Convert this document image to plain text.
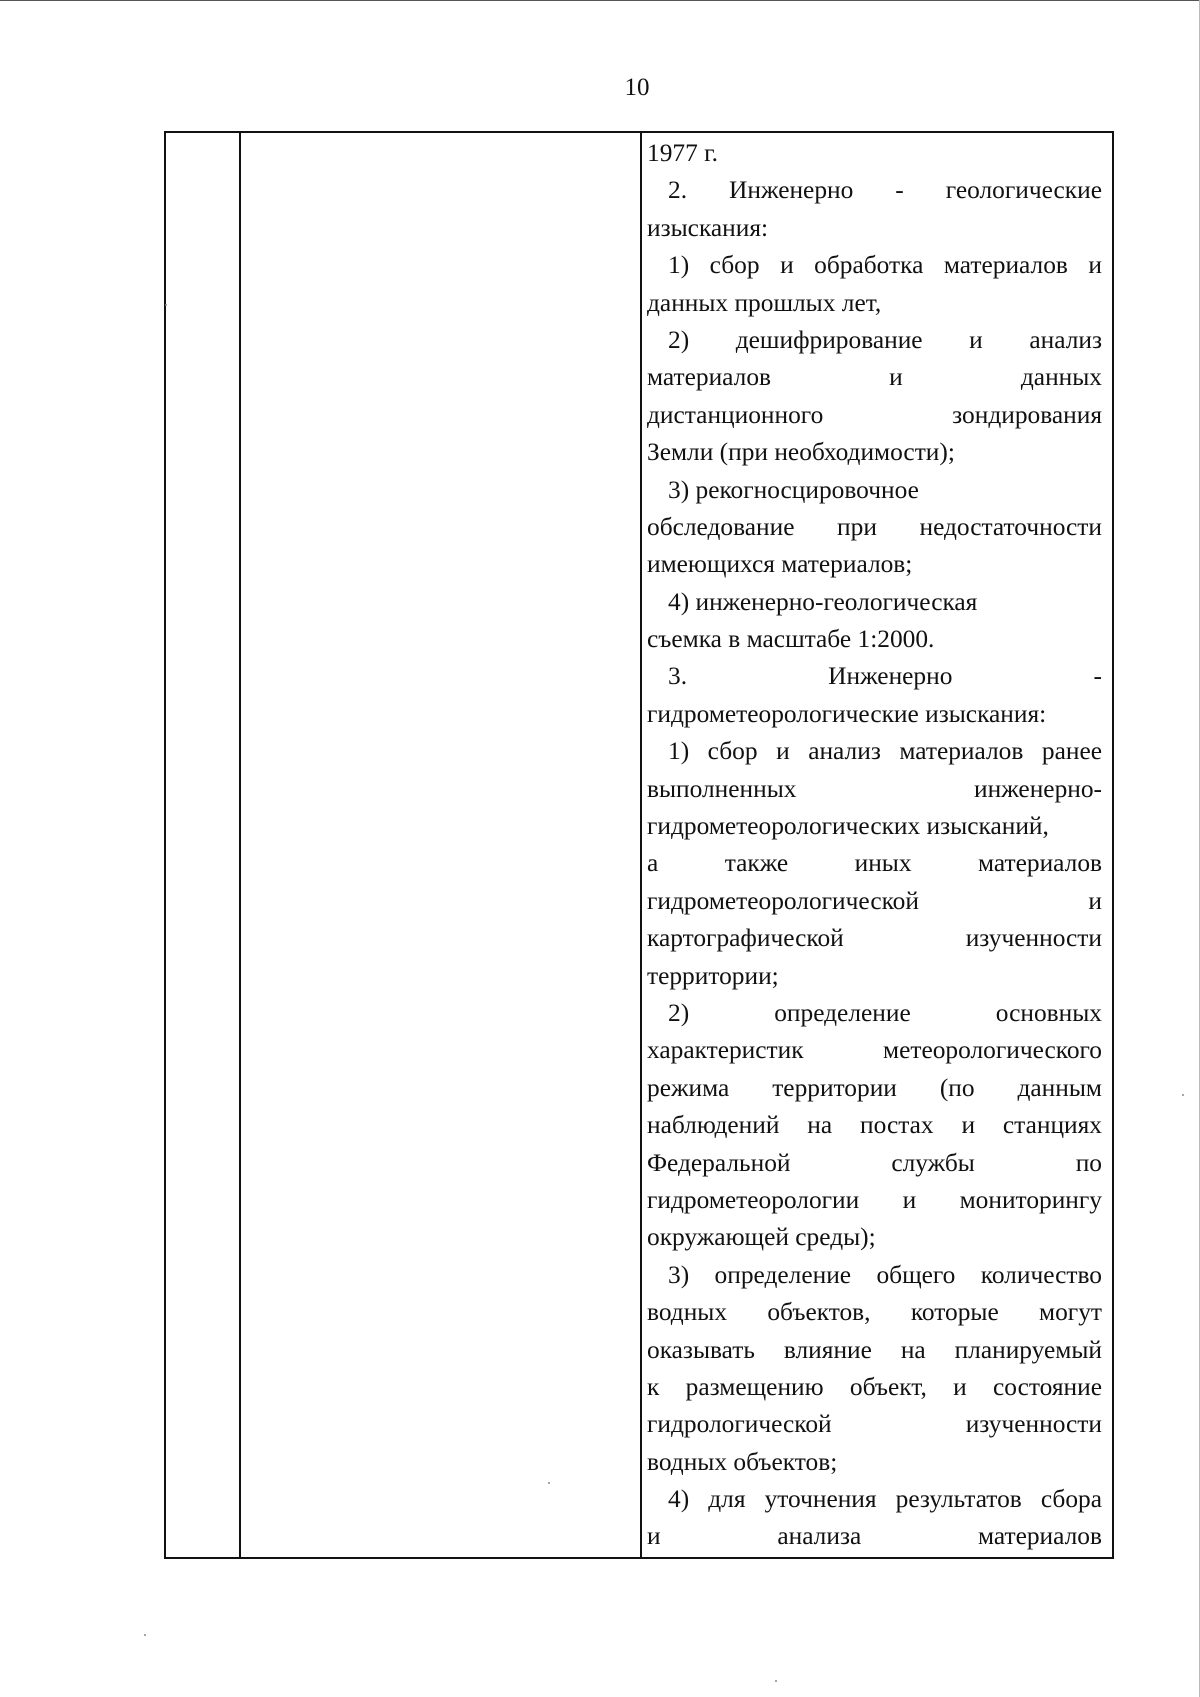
10
1977 г.
2. Инженерно - геологические
изыскания:
1) сбор и обработка материалов и
данных прошлых лет,
2) дешифрирование и анализ
материалов и данных
дистанционного зондирования
Земли (при необходимости);
3) рекогносцировочное
обследование при недостаточности
имеющихся материалов;
4) инженерно-геологическая
съемка в масштабе 1:2000.
3. Инженерно -
гидрометеорологические изыскания:
1) сбор и анализ материалов ранее
выполненных инженерно-
гидрометеорологических изысканий,
а также иных материалов
гидрометеорологической и
картографической изученности
территории;
2) определение основных
характеристик метеорологического
режима территории (по данным
наблюдений на постах и станциях
Федеральной службы по
гидрометеорологии и мониторингу
окружающей среды);
3) определение общего количество
водных объектов, которые могут
оказывать влияние на планируемый
к размещению объект, и состояние
гидрологической изученности
водных объектов;
4) для уточнения результатов сбора
и анализа материалов
